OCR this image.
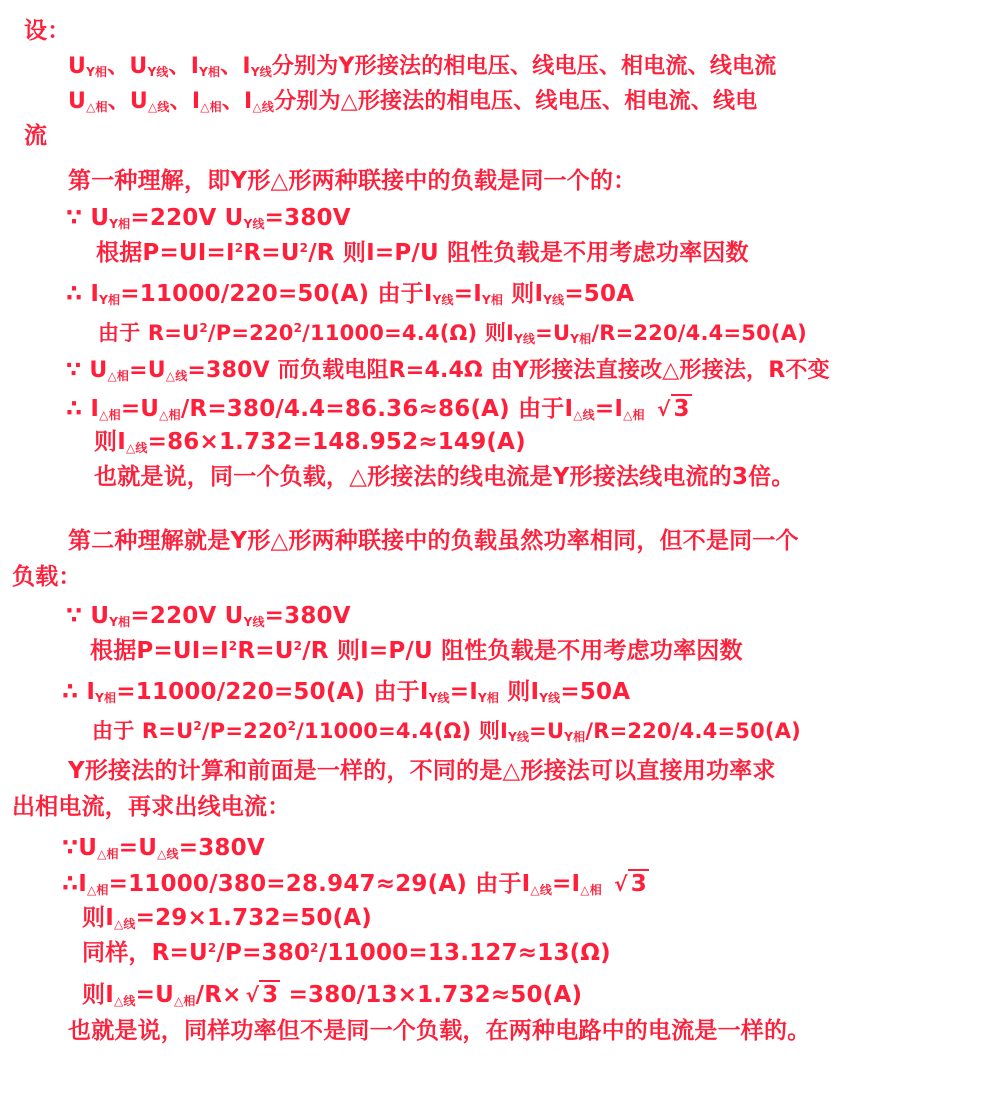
设：
$U_{Y相}$、$U_{Y线}$、$I_{Y相}$、$I_{Y线}$分别为Y形接法的相电压、线电压、相电流、线电流
$U_{\triangle 相}$、$U_{\triangle 线}$、$I_{\triangle 相}$、$I_{\triangle 线}$分别为△形接法的相电压、线电压、相电流、线电
流
第一种理解，即Y形△形两种联接中的负载是同一个的：
∵ $U_{Y相}=220V$ $U_{Y线}=380V$
根据$P=UI=I^2R=U^2/R$ 则I=P/U 阻性负载是不用考虑功率因数
∴ $I_{Y相}=11000/220=50(A)$ 由于$I_{Y线}=I_{Y相}$ 则$I_{Y线}=50A$
由于 $R=U^2/P=220^2/11000=4.4(\Omega)$ 则$I_{Y线}=U_{Y相}/R=220/4.4=50(A)$
∵ $U_{\triangle 相}=U_{\triangle 线}=380V$ 而负载电阻R=4.4Ω 由Y形接法直接改△形接法，R不变
∴ $I_{\triangle 相}=U_{\triangle 相}/R=380/4.4=86.36\approx 86(A)$ 由于$I_{\triangle 线}=I_{\triangle 相}$ √ 3
则$I_{\triangle 线}=86\times 1.732=148.952\approx 149(A)$
也就是说，同一个负载，△形接法的线电流是Y形接法线电流的3倍。
第二种理解就是Y形△形两种联接中的负载虽然功率相同，但不是同一个
负载：
∵ $U_{Y相}=220V$ $U_{Y线}=380V$
根据$P=UI=I^2R=U^2/R$ 则I=P/U 阻性负载是不用考虑功率因数
∴ $I_{Y相}=11000/220=50(A)$ 由于$I_{Y线}=I_{Y相}$ 则$I_{Y线}=50A$
由于 $R=U^2/P=220^2/11000=4.4(\Omega)$ 则$I_{Y线}=U_{Y相}/R=220/4.4=50(A)$
Y形接法的计算和前面是一样的，不同的是△形接法可以直接用功率求
出相电流，再求出线电流：
$\because U_{\triangle 相}=U_{\triangle 线}=380V$
$\therefore I_{\triangle 相}=11000/380=28.947\approx 29(A)$ 由于$I_{\triangle 线}=I_{\triangle 相}$ √ 3
则$I_{\triangle 线}=29\times 1.732=50(A)$
同样，$R=U^2/P=380^2/11000=13.127\approx 13(\Omega)$
则$I_{\triangle 线}=U_{\triangle 相}/R\times$ √ 3 =380/13×1.732≈50(A)
也就是说，同样功率但不是同一个负载，在两种电路中的电流是一样的。
